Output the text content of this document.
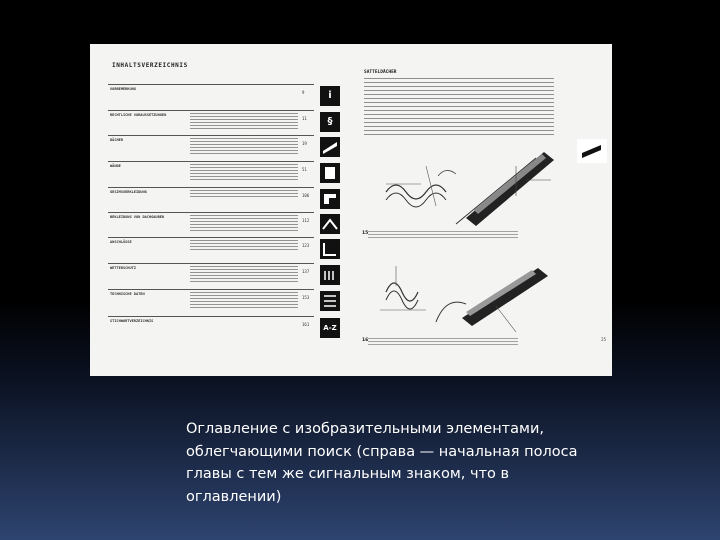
INHALTSVERZEICHNIS
VORBEMERKUNG
9	i
RECHTLICHE VORAUSSETZUNGEN
11	§
DÄCHER
19
WÄNDE
51
GESIMSVERKLEIDUNG
106
BEKLEIDUNG VON DACHGAUBEN
112
ANSCHLÜSSE
123
WETTERSCHUTZ
137
TECHNISCHE DATEN
153
STICHWORTVERZEICHNIS
161	A-Z
SATTELDÄCHER
15
16	25

Оглавление с изобразительными элементами, облегчающими поиск (справа — начальная полоса главы с тем же сигнальным знаком, что в оглавлении)
